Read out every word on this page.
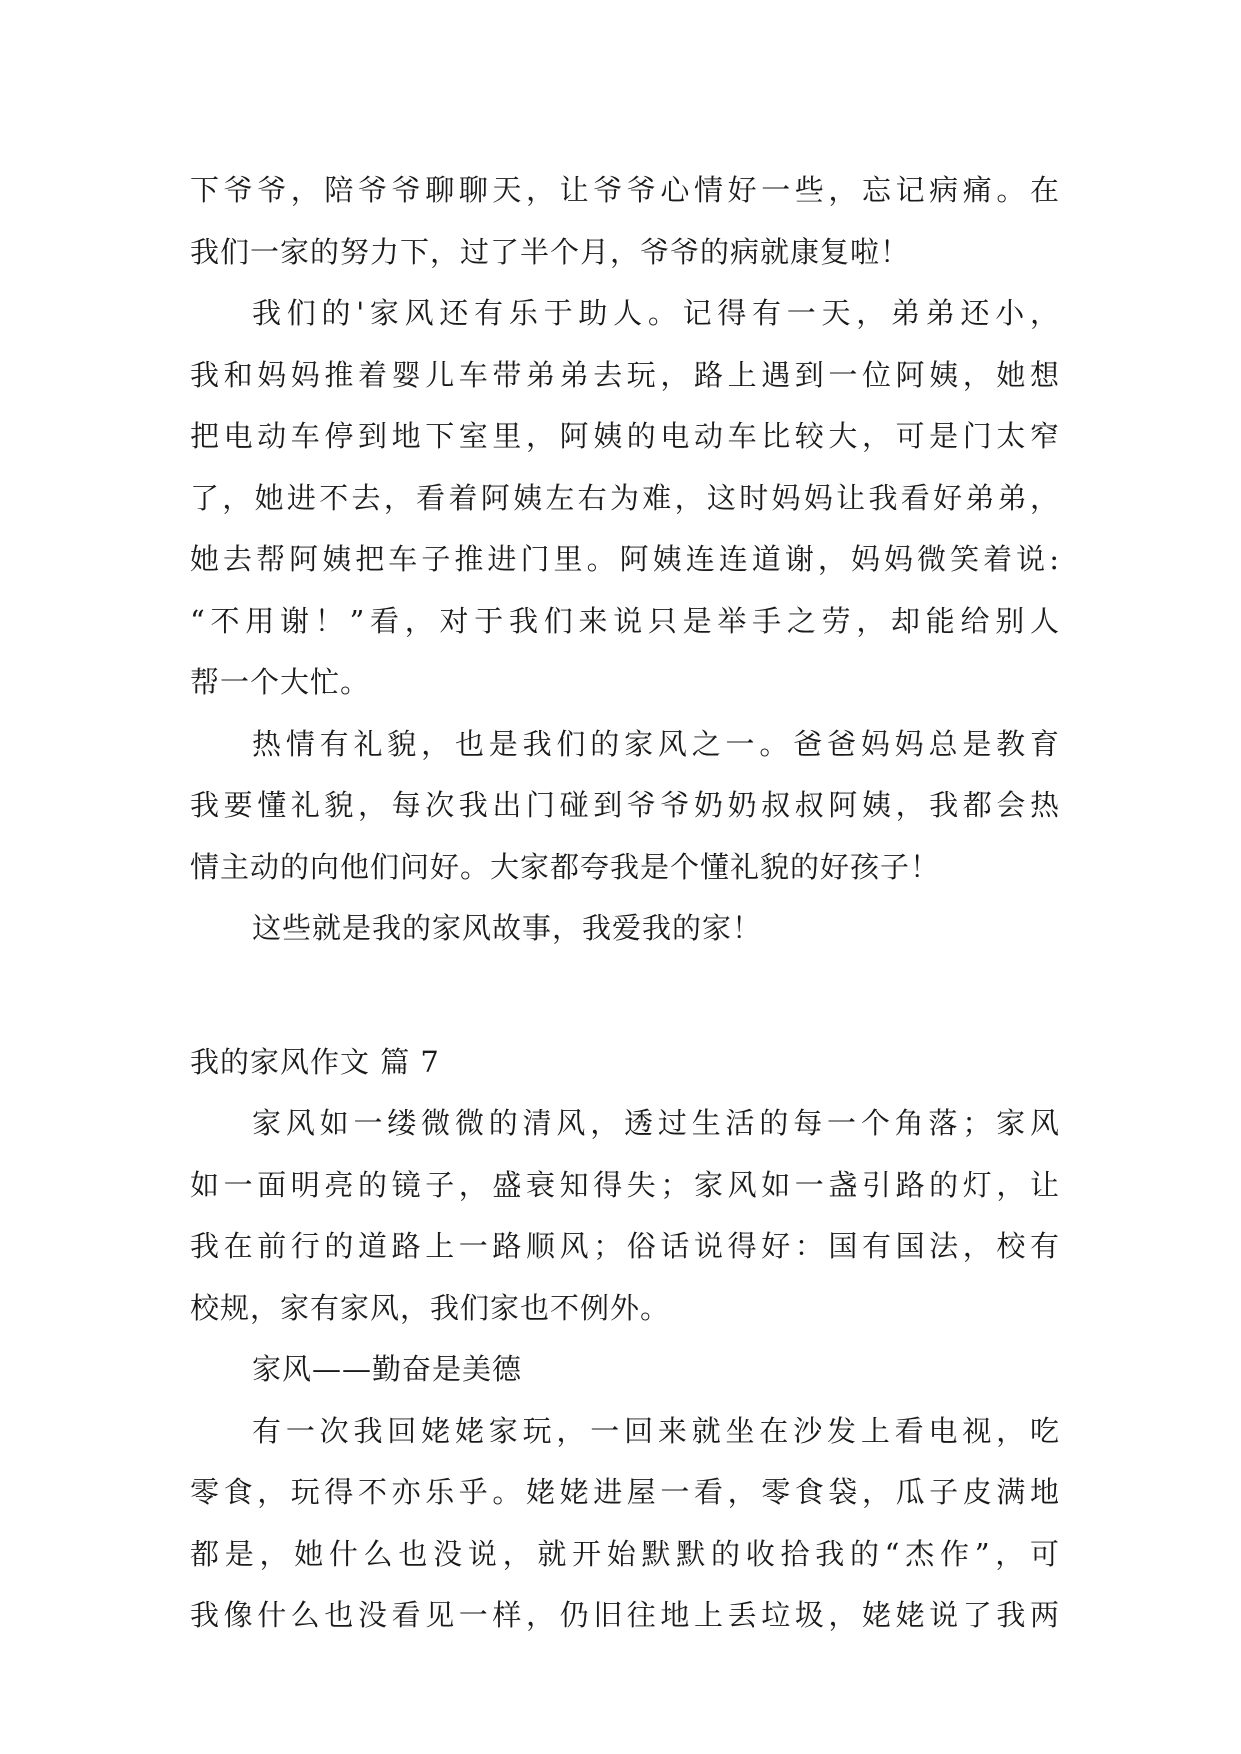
下爷爷，陪爷爷聊聊天，让爷爷心情好一些，忘记病痛。在
我们一家的努力下，过了半个月，爷爷的病就康复啦！

我们的'家风还有乐于助人。记得有一天，弟弟还小，
我和妈妈推着婴儿车带弟弟去玩，路上遇到一位阿姨，她想
把电动车停到地下室里，阿姨的电动车比较大，可是门太窄
了，她进不去，看着阿姨左右为难，这时妈妈让我看好弟弟，
她去帮阿姨把车子推进门里。阿姨连连道谢，妈妈微笑着说:
“不用谢！”看，对于我们来说只是举手之劳，却能给别人
帮一个大忙。

热情有礼貌，也是我们的家风之一。爸爸妈妈总是教育
我要懂礼貌，每次我出门碰到爷爷奶奶叔叔阿姨，我都会热
情主动的向他们问好。大家都夸我是个懂礼貌的好孩子！

这些就是我的家风故事，我爱我的家！

我的家风作文 篇 7

家风如一缕微微的清风，透过生活的每一个角落；家风
如一面明亮的镜子，盛衰知得失；家风如一盏引路的灯，让
我在前行的道路上一路顺风；俗话说得好：国有国法，校有
校规，家有家风，我们家也不例外。

家风——勤奋是美德

有一次我回姥姥家玩，一回来就坐在沙发上看电视，吃
零食，玩得不亦乐乎。姥姥进屋一看，零食袋，瓜子皮满地
都是，她什么也没说，就开始默默的收拾我的“杰作”，可
我像什么也没看见一样，仍旧往地上丢垃圾，姥姥说了我两
